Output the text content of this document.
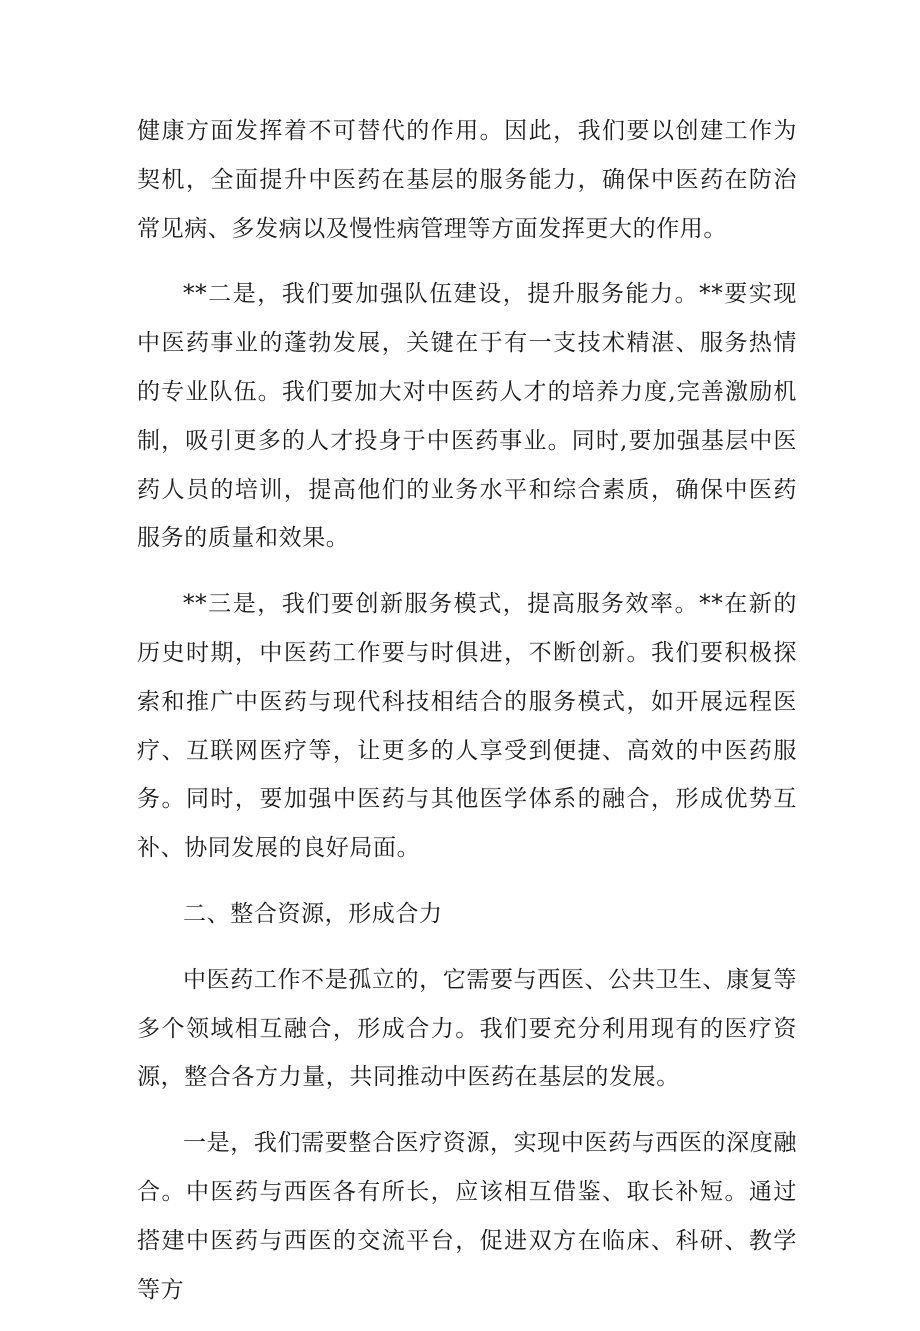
健康方面发挥着不可替代的作用。因此，我们要以创建工作为契机，全面提升中医药在基层的服务能力，确保中医药在防治常见病、多发病以及慢性病管理等方面发挥更大的作用。

**二是，我们要加强队伍建设，提升服务能力。**要实现中医药事业的蓬勃发展，关键在于有一支技术精湛、服务热情的专业队伍。我们要加大对中医药人才的培养力度,完善激励机制，吸引更多的人才投身于中医药事业。同时,要加强基层中医药人员的培训，提高他们的业务水平和综合素质，确保中医药服务的质量和效果。

**三是，我们要创新服务模式，提高服务效率。**在新的历史时期，中医药工作要与时俱进，不断创新。我们要积极探索和推广中医药与现代科技相结合的服务模式，如开展远程医疗、互联网医疗等，让更多的人享受到便捷、高效的中医药服务。同时，要加强中医药与其他医学体系的融合，形成优势互补、协同发展的良好局面。

二、整合资源，形成合力

中医药工作不是孤立的，它需要与西医、公共卫生、康复等多个领域相互融合，形成合力。我们要充分利用现有的医疗资源，整合各方力量，共同推动中医药在基层的发展。

一是，我们需要整合医疗资源，实现中医药与西医的深度融合。中医药与西医各有所长，应该相互借鉴、取长补短。通过搭建中医药与西医的交流平台，促进双方在临床、科研、教学等方
